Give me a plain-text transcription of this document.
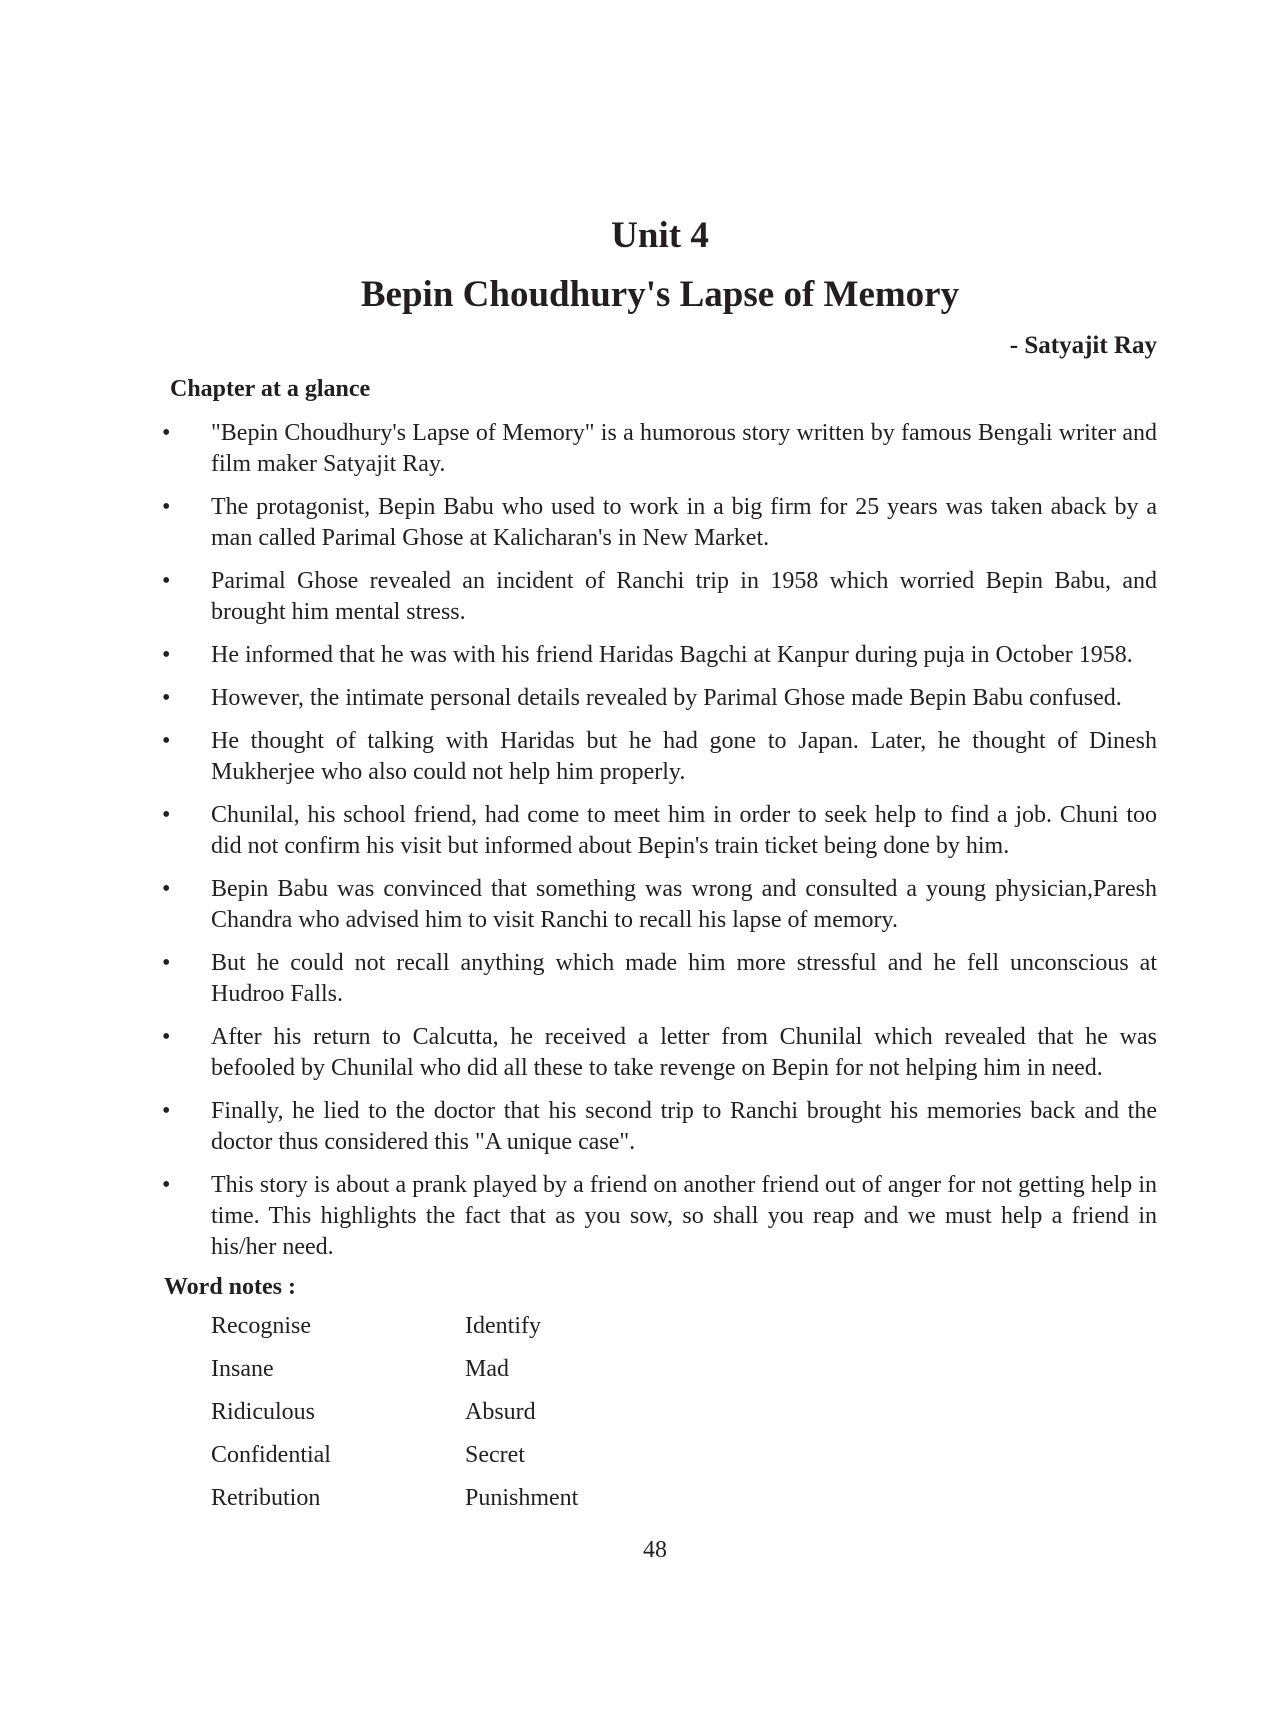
Unit 4
Bepin Choudhury's Lapse of Memory
- Satyajit Ray
Chapter at a glance
•	"Bepin Choudhury's Lapse of Memory" is a humorous story written by famous Bengali writer and film maker Satyajit Ray.
•	The protagonist, Bepin Babu who used to work in a big firm for 25 years was taken aback by a man called Parimal Ghose at Kalicharan's in New Market.
•	Parimal Ghose revealed an incident of Ranchi trip in 1958 which worried Bepin Babu, and brought him mental stress.
•	He informed that he was with his friend Haridas Bagchi at Kanpur during puja in October 1958.
•	However, the intimate personal details revealed by Parimal Ghose made Bepin Babu confused.
•	He thought of talking with Haridas but he had gone to Japan. Later, he thought of Dinesh Mukherjee who also could not help him properly.
•	Chunilal, his school friend, had come to meet him in order to seek help to find a job. Chuni too did not confirm his visit but informed about Bepin's train ticket being done by him.
•	Bepin Babu was convinced that something was wrong and consulted a young physician,Paresh Chandra who advised him to visit Ranchi to recall his lapse of memory.
•	But he could not recall anything which made him more stressful and he fell unconscious at Hudroo Falls.
•	After his return to Calcutta, he received a letter from Chunilal which revealed that he was befooled by Chunilal who did all these to take revenge on Bepin for not helping him in need.
•	Finally, he lied to the doctor that his second trip to Ranchi brought his memories back and the doctor thus considered this "A unique case".
•	This story is about a prank played by a friend on another friend out of anger for not getting help in time. This highlights the fact that as you sow, so shall you reap and we must help a friend in his/her need.
Word notes :
Recognise	Identify
Insane	Mad
Ridiculous	Absurd
Confidential	Secret
Retribution	Punishment
48
